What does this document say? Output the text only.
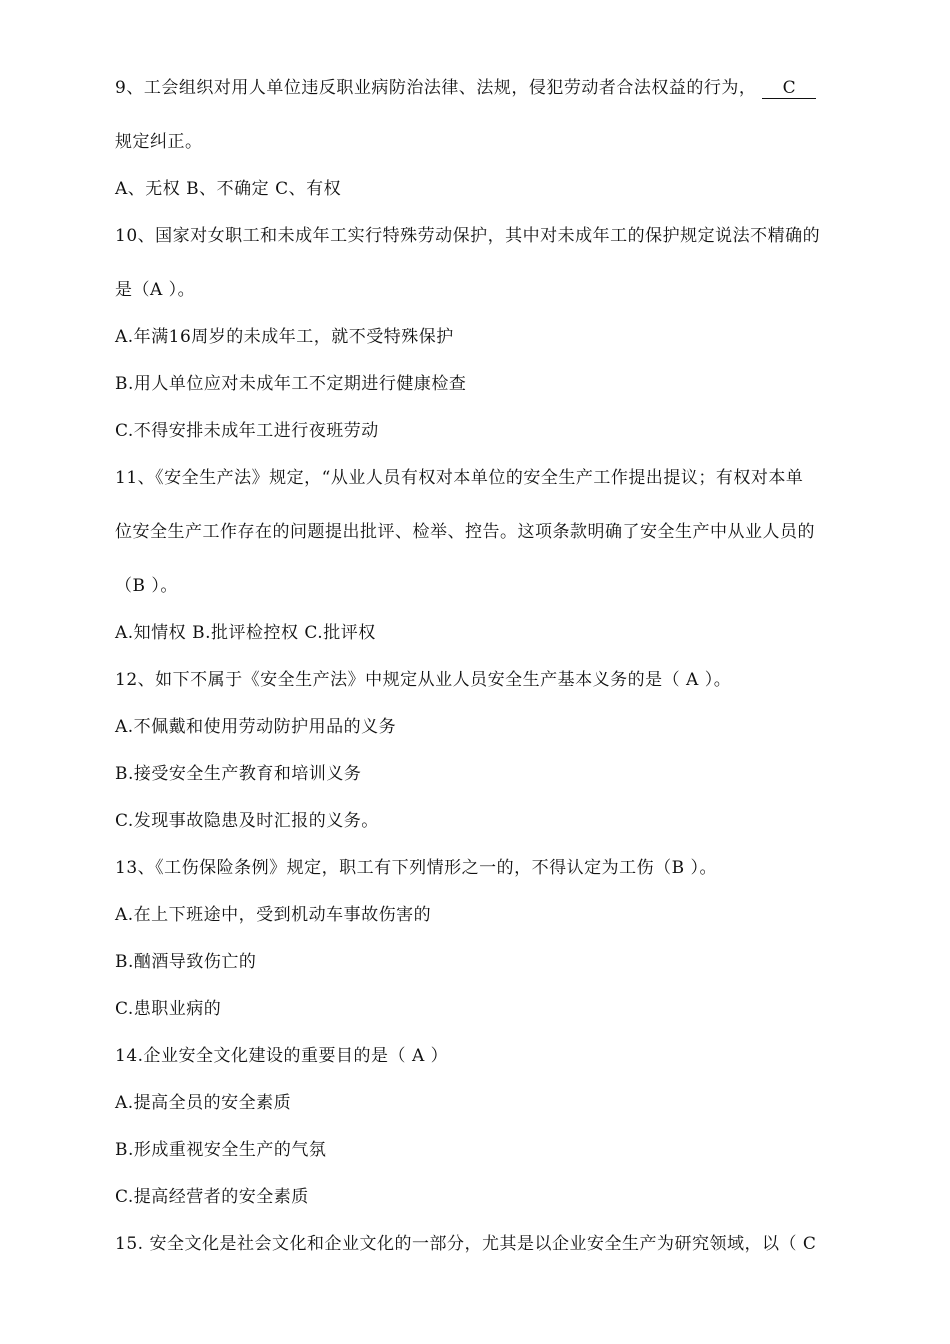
9、工会组织对用人单位违反职业病防治法律、法规，侵犯劳动者合法权益的行为， C
规定纠正。
A、无权 B、不确定 C、有权
10、国家对女职工和未成年工实行特殊劳动保护，其中对未成年工的保护规定说法不精确的
是（A ）。
A.年满16周岁的未成年工，就不受特殊保护
B.用人单位应对未成年工不定期进行健康检查
C.不得安排未成年工进行夜班劳动
11、《安全生产法》规定，“从业人员有权对本单位的安全生产工作提出提议；有权对本单
位安全生产工作存在的问题提出批评、检举、控告。这项条款明确了安全生产中从业人员的
（B ）。
A.知情权 B.批评检控权 C.批评权
12、如下不属于《安全生产法》中规定从业人员安全生产基本义务的是（ A ）。
A.不佩戴和使用劳动防护用品的义务
B.接受安全生产教育和培训义务
C.发现事故隐患及时汇报的义务。
13、《工伤保险条例》规定，职工有下列情形之一的，不得认定为工伤（B ）。
A.在上下班途中，受到机动车事故伤害的
B.酗酒导致伤亡的
C.患职业病的
14.企业安全文化建设的重要目的是（ A ）
A.提高全员的安全素质
B.形成重视安全生产的气氛
C.提高经营者的安全素质
15. 安全文化是社会文化和企业文化的一部分，尤其是以企业安全生产为研究领域，以（ C
